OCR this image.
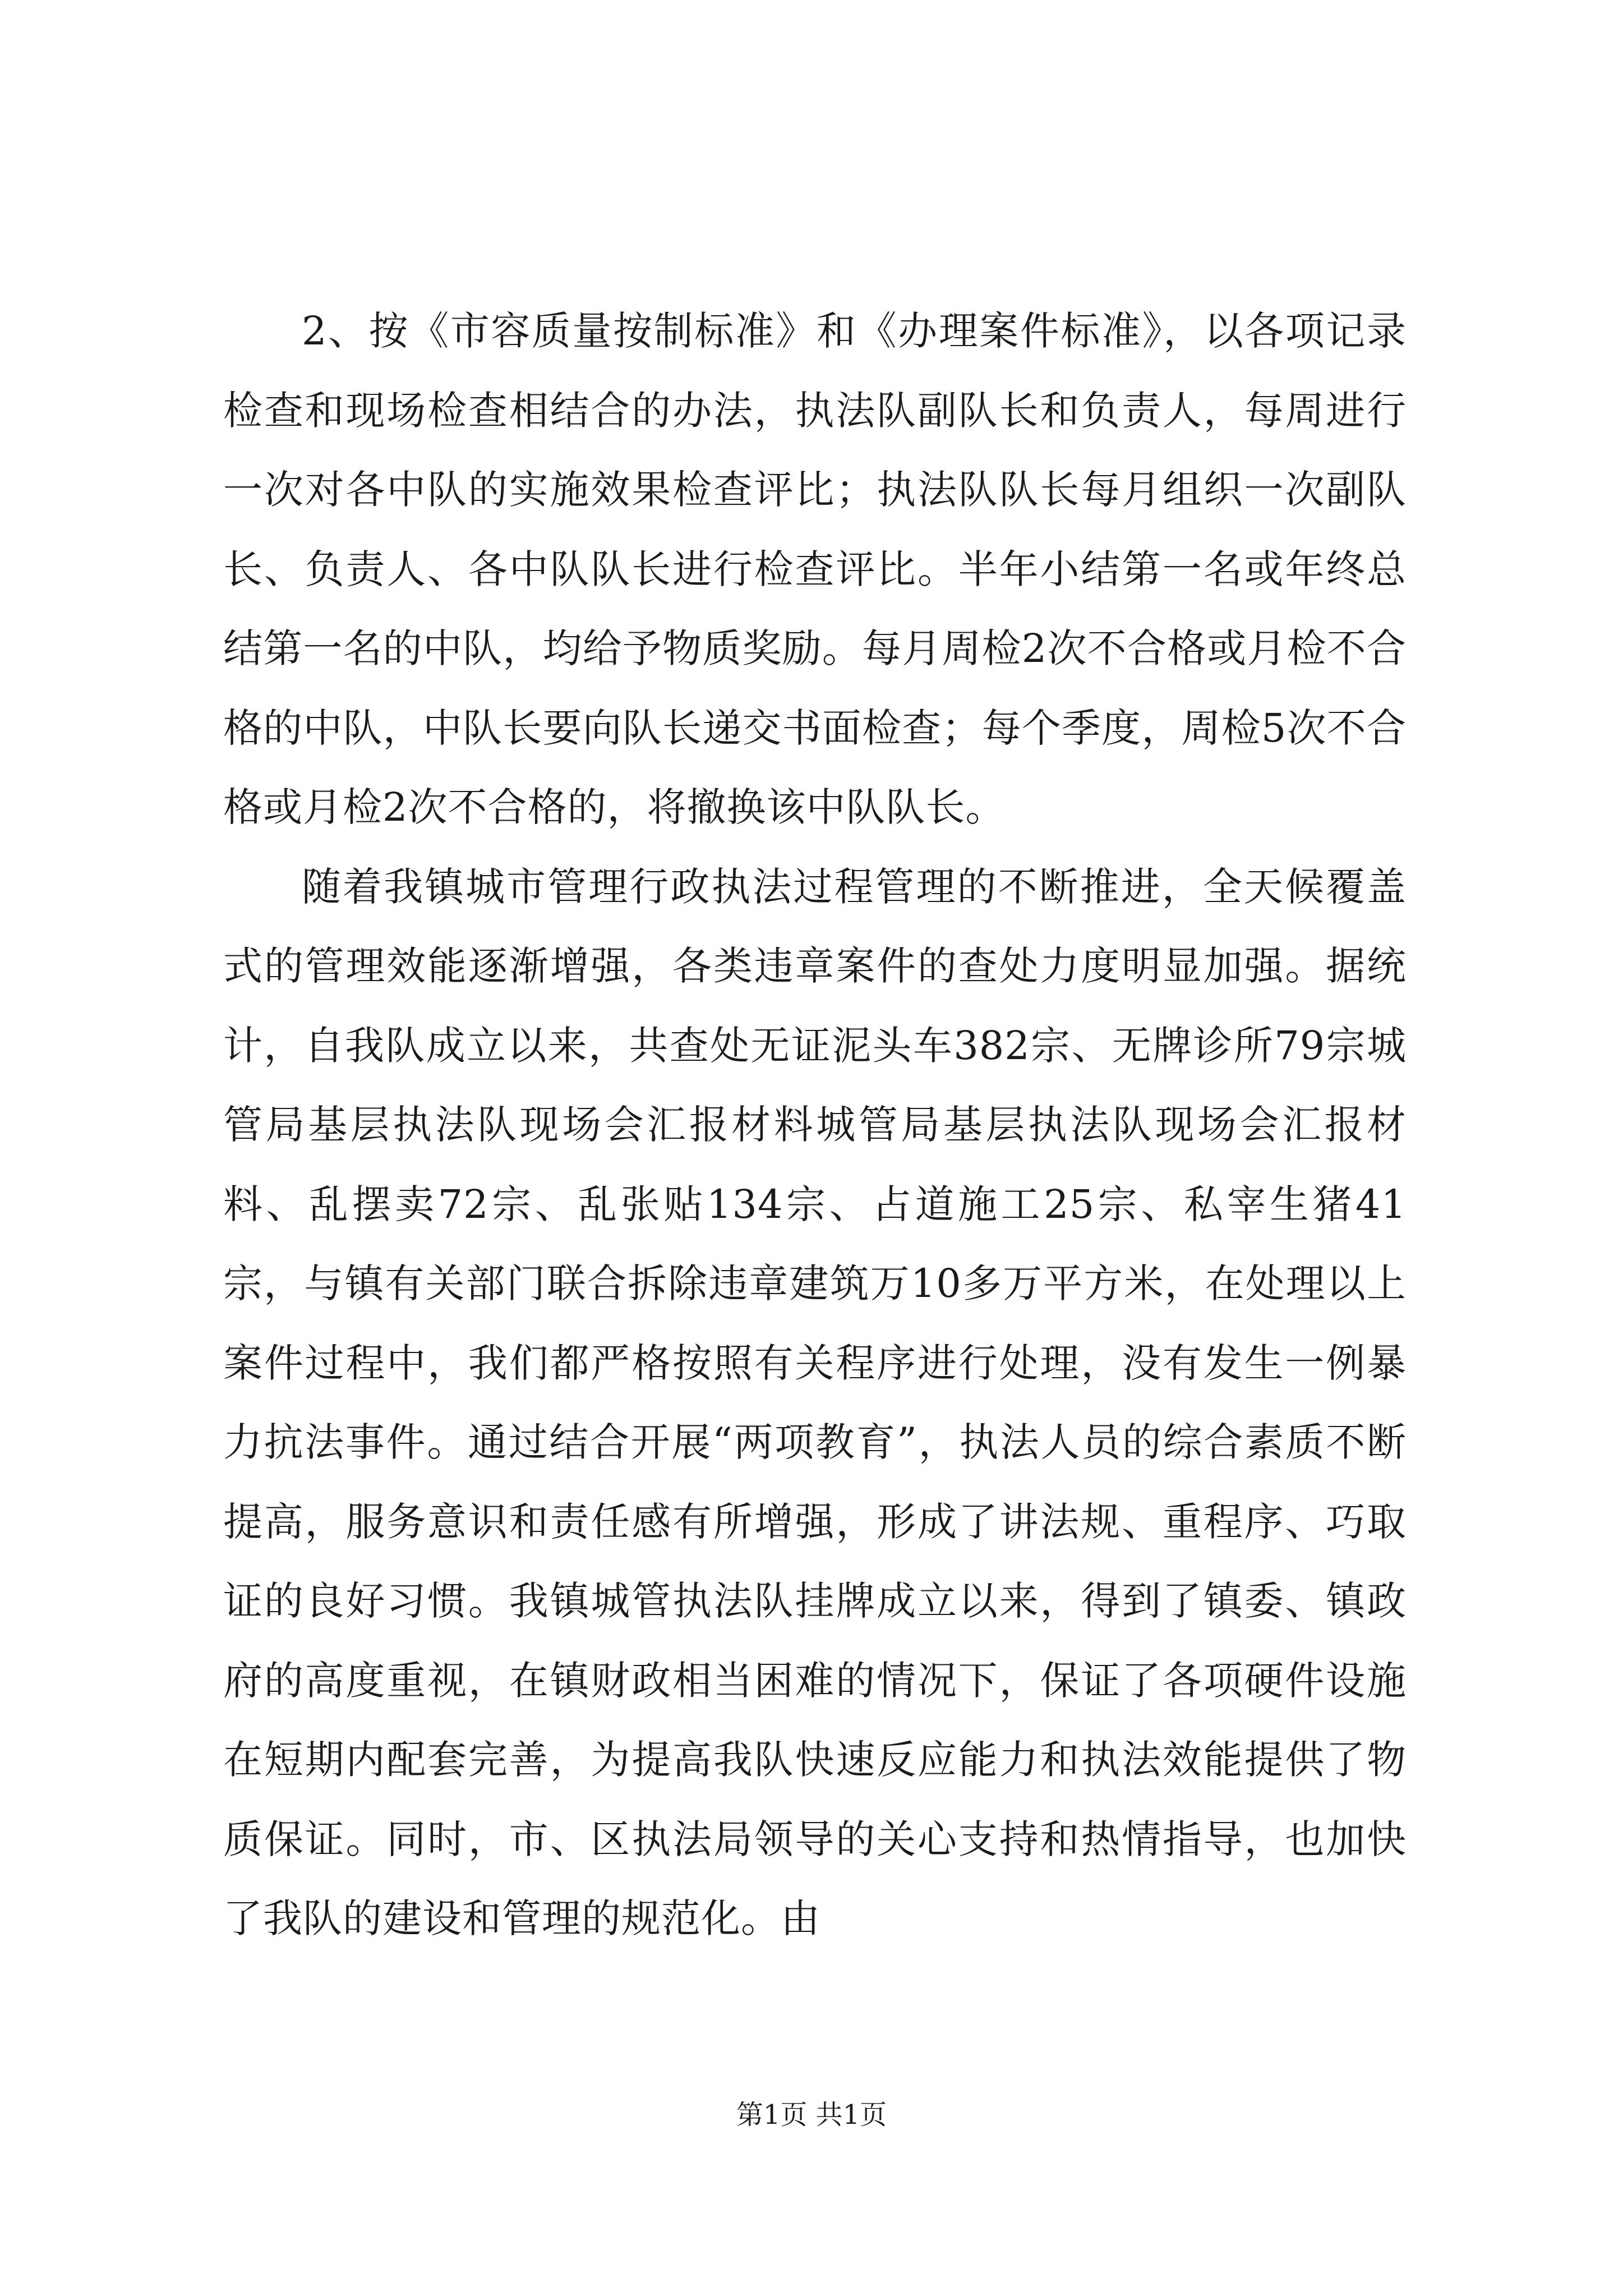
2、按《市容质量按制标准》和《办理案件标准》，以各项记录检查和现场检查相结合的办法，执法队副队长和负责人，每周进行一次对各中队的实施效果检查评比；执法队队长每月组织一次副队长、负责人、各中队队长进行检查评比。半年小结第一名或年终总结第一名的中队，均给予物质奖励。每月周检2次不合格或月检不合格的中队，中队长要向队长递交书面检查；每个季度，周检5次不合格或月检2次不合格的，将撤换该中队队长。

随着我镇城市管理行政执法过程管理的不断推进，全天候覆盖式的管理效能逐渐增强，各类违章案件的查处力度明显加强。据统计，自我队成立以来，共查处无证泥头车382宗、无牌诊所79宗城管局基层执法队现场会汇报材料城管局基层执法队现场会汇报材料、乱摆卖72宗、乱张贴134宗、占道施工25宗、私宰生猪41宗，与镇有关部门联合拆除违章建筑万10多万平方米，在处理以上案件过程中，我们都严格按照有关程序进行处理，没有发生一例暴力抗法事件。通过结合开展“两项教育”，执法人员的综合素质不断提高，服务意识和责任感有所增强，形成了讲法规、重程序、巧取证的良好习惯。我镇城管执法队挂牌成立以来，得到了镇委、镇政府的高度重视，在镇财政相当困难的情况下，保证了各项硬件设施在短期内配套完善，为提高我队快速反应能力和执法效能提供了物质保证。同时，市、区执法局领导的关心支持和热情指导，也加快了我队的建设和管理的规范化。由

第1页 共1页
